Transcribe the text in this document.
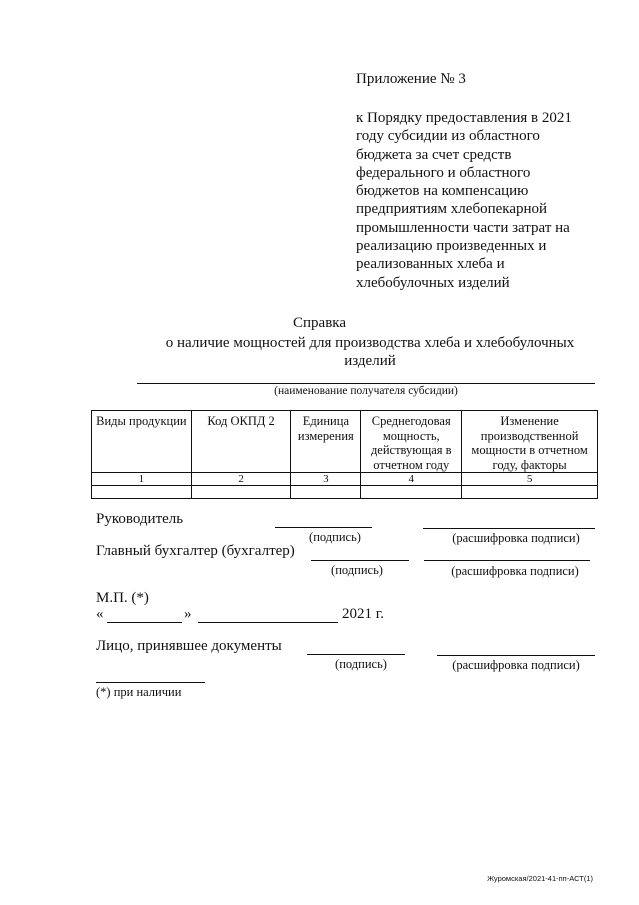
Приложение № 3
к Порядку предоставления в 2021 году субсидии из областного бюджета за счет средств федерального и областного бюджетов на компенсацию предприятиям хлебопекарной промышленности части затрат на реализацию произведенных и реализованных хлеба и хлебобулочных изделий
Справка
о наличие мощностей для производства хлеба и хлебобулочных изделий
(наименование получателя субсидии)
Виды продукции	Код ОКПД 2	Единица измерения	Среднегодовая мощность, действующая в отчетном году	Изменение производственной мощности в отчетном году, факторы
1	2	3	4	5

Руководитель
(подпись)	(расшифровка подписи)
Главный бухгалтер (бухгалтер)
(подпись)	(расшифровка подписи)
М.П. (*)
«	»	2021 г.
Лицо, принявшее документы
(подпись)	(расшифровка подписи)
(*) при наличии
Журомская/2021-41-пп-АСТ(1)
